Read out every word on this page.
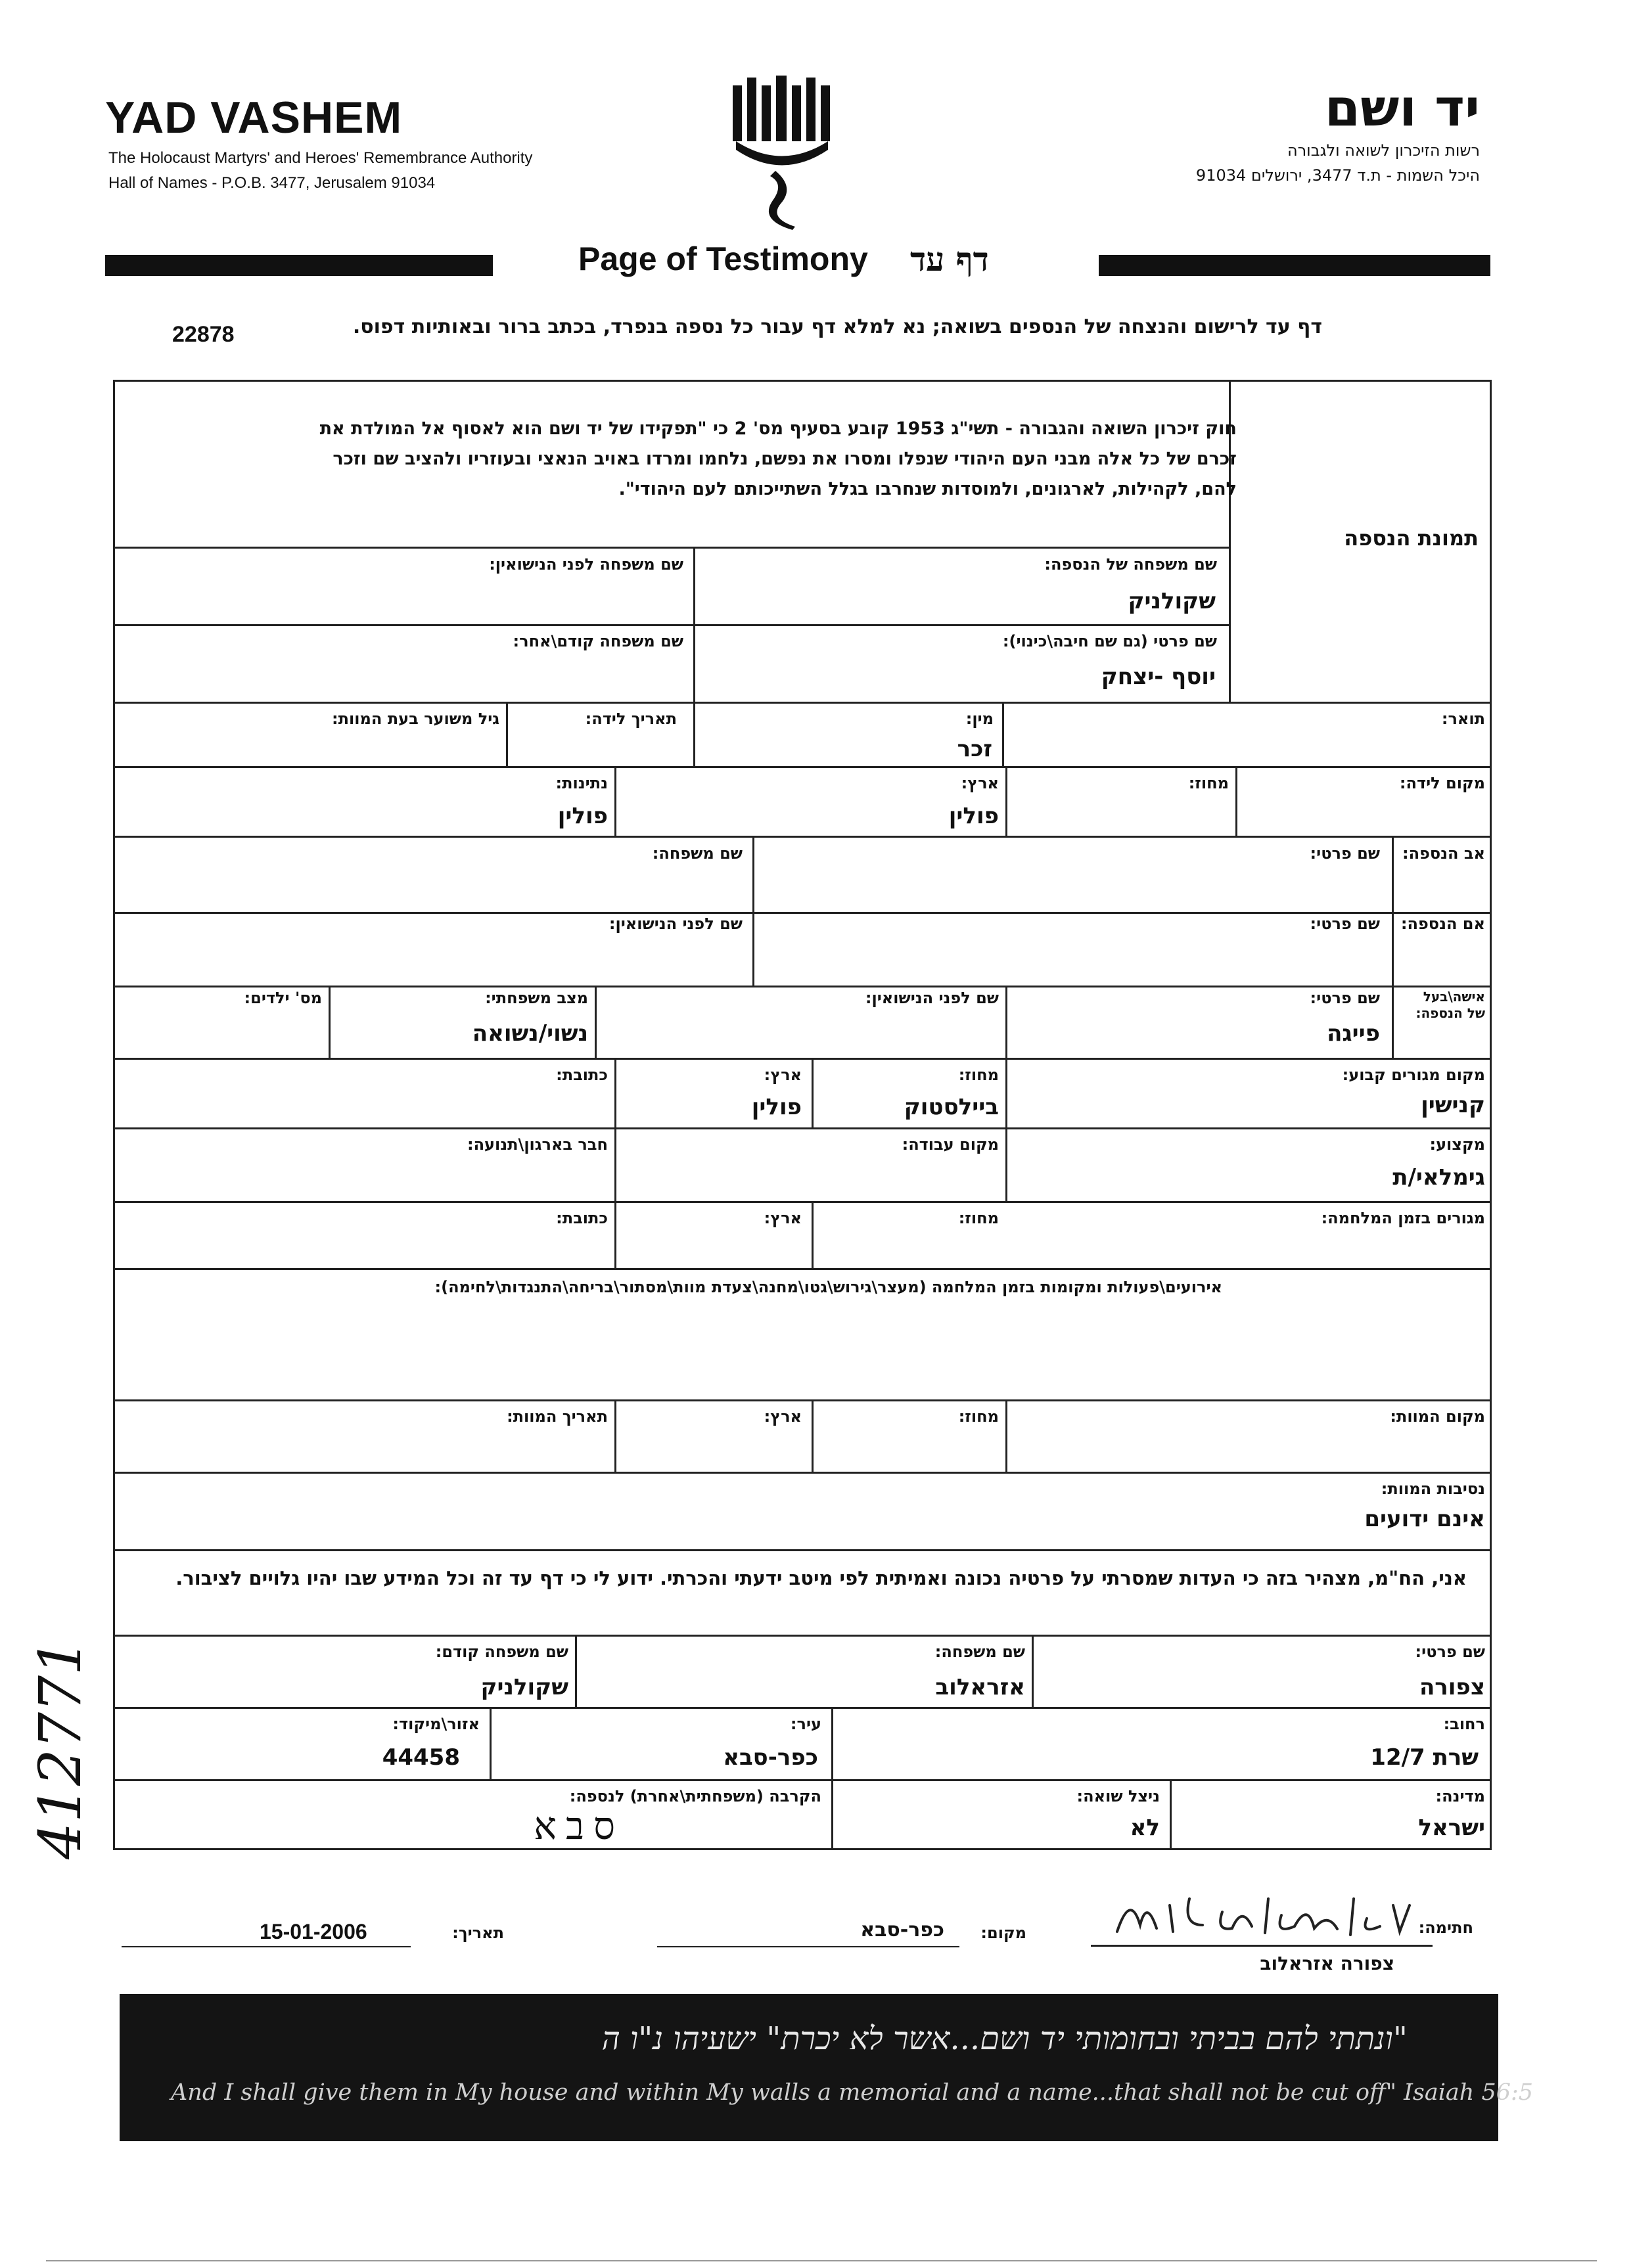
YAD VASHEM
The Holocaust Martyrs' and Heroes' Remembrance Authority
Hall of Names - P.O.B. 3477, Jerusalem 91034
יד ושם
רשות הזיכרון לשואה ולגבורה
היכל השמות - ת.ד 3477, ירושלים 91034
Page of Testimony דף עד
דף עד לרישום והנצחה של הנספים בשואה; נא למלא דף עבור כל נספה בנפרד, בכתב ברור ובאותיות דפוס.
22878
חוק זיכרון השואה והגבורה - תשי"ג 1953 קובע בסעיף מס' 2 כי "תפקידו של יד ושם הוא לאסוף אל המולדת את זכרם של כל אלה מבני העם היהודי שנפלו ומסרו את נפשם, נלחמו ומרדו באויב הנאצי ובעוזריו ולהציב שם וזכר להם, לקהילות, לארגונים, ולמוסדות שנחרבו בגלל השתייכותם לעם היהודי".
תמונת הנספה
שם משפחה של הנספה:
שקולניק
שם משפחה לפני הנישואין:
שם פרטי (גם שם חיבה\כינוי):
יוסף -יצחק
שם משפחה קודם\אחר:
תואר:
מין:
זכר
תאריך לידה:
גיל משוער בעת המוות:
מקום לידה:
מחוז:
ארץ:
פולין
נתינות:
פולין
אב הנספה:
שם פרטי:
שם משפחה:
אם הנספה:
שם פרטי:
שם לפני הנישואין:
אישה\בעל
של הנספה:
שם פרטי:
פייגה
שם לפני הנישואין:
מצב משפחתי:
נשוי/נשואה
מס' ילדים:
מקום מגורים קבוע:
קנישין
מחוז:
ביילסטוק
ארץ:
פולין
כתובת:
מקצוע:
גימלאי/ת
מקום עבודה:
חבר בארגון\תנועה:
מגורים בזמן המלחמה:
מחוז:
ארץ:
כתובת:
אירועים\פעולות ומקומות בזמן המלחמה (מעצר\גירוש\גטו\מחנה\צעדת מוות\מסתור\בריחה\התנגדות\לחימה):
מקום המוות:
מחוז:
ארץ:
תאריך המוות:
נסיבות המוות:
אינם ידועים
אני, הח"מ, מצהיר בזה כי העדות שמסרתי על פרטיה נכונה ואמיתית לפי מיטב ידעתי והכרתי. ידוע לי כי דף עד זה וכל המידע שבו יהיו גלויים לציבור.
שם פרטי:
צפורה
שם משפחה:
אזראלוב
שם משפחה קודם:
שקולניק
רחוב:
שרת 12/7
עיר:
כפר-סבא
אזור\מיקוד:
44458
מדינה:
ישראל
ניצל שואה:
לא
הקרבה (משפחתית\אחרת) לנספה:
סבא
חתימה:
צפורה אזראלוב
מקום:
כפר-סבא
תאריך:
15-01-2006
"ונתתי להם בביתי ובחומותי יד ושם...אשר לא יכרת" ישעיהו נ"ו ה
And I shall give them in My house and within My walls a memorial and a name...that shall not be cut off" Isaiah 56:5
412771
